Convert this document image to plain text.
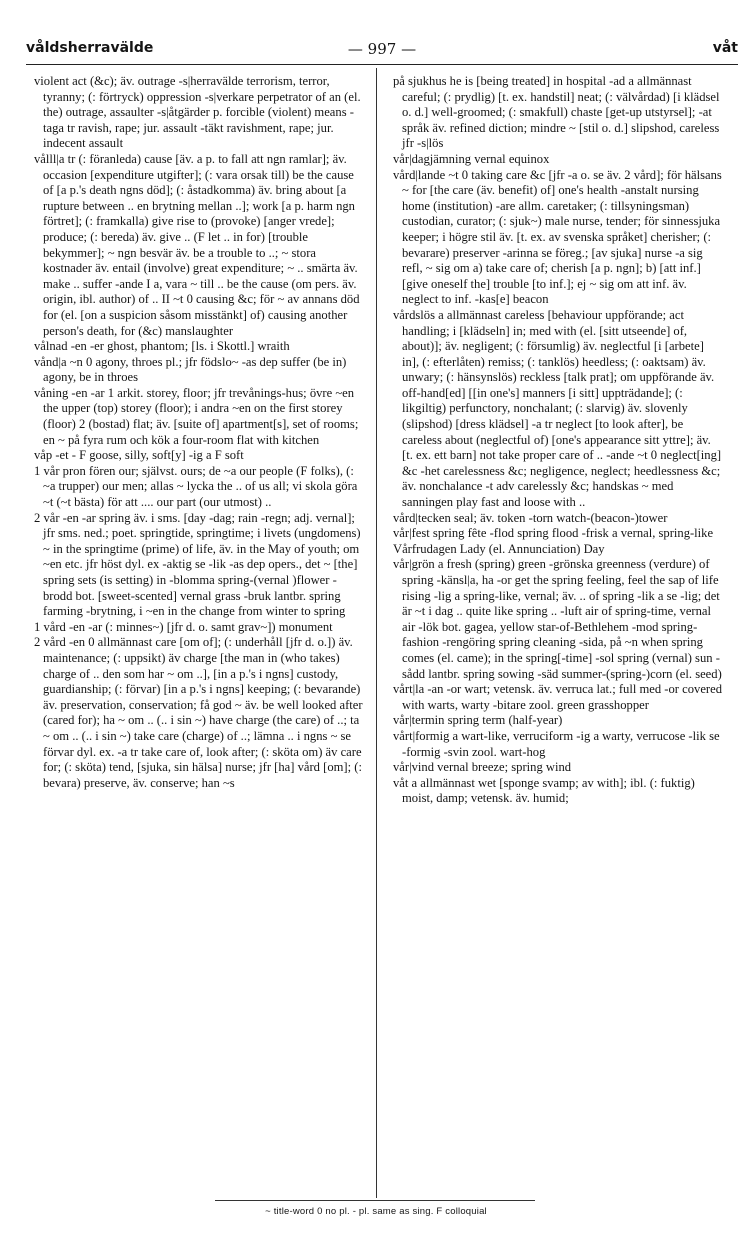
våldsherravälde	— 997 —	våt

violent act (&c); äv. outrage -s|herravälde terrorism, terror, tyranny; (: förtryck) oppression -s|verkare perpetrator of an (el. the) outrage, assaulter -s|åtgärder p. forcible (violent) means -taga tr ravish, rape; jur. assault -täkt ravishment, rape; jur. indecent assault

vålll|a tr (: föranleda) cause [äv. a p. to fall att ngn ramlar]; äv. occasion [expenditure utgifter]; (: vara orsak till) be the cause of [a p.'s death ngns död]; (: åstadkomma) äv. bring about [a rupture between .. en brytning mellan ..]; work [a p. harm ngn förtret]; (: framkalla) give rise to (provoke) [anger vrede]; produce; (: bereda) äv. give .. (F let .. in for) [trouble bekymmer]; ~ ngn besvär äv. be a trouble to ..; ~ stora kostnader äv. entail (involve) great expenditure; ~ .. smärta äv. make .. suffer -ande I a, vara ~ till .. be the cause (om pers. äv. origin, ibl. author) of .. II ~t 0 causing &c; för ~ av annans död for (el. [on a suspicion såsom misstänkt] of) causing another person's death, for (&c) manslaughter

vålnad -en -er ghost, phantom; [ls. i Skottl.] wraith

vånd|a ~n 0 agony, throes pl.; jfr födslo~ -as dep suffer (be in) agony, be in throes

våning -en -ar 1 arkit. storey, floor; jfr trevånings-hus; övre ~en the upper (top) storey (floor); i andra ~en on the first storey (floor) 2 (bostad) flat; äv. [suite of] apartment[s], set of rooms; en ~ på fyra rum och kök a four-room flat with kitchen

våp -et - F goose, silly, soft[y] -ig a F soft

1 vår pron fören our; självst. ours; de ~a our people (F folks), (: ~a trupper) our men; allas ~ lycka the .. of us all; vi skola göra ~t (~t bästa) för att .... our part (our utmost) ..

2 vår -en -ar spring äv. i sms. [day -dag; rain -regn; adj. vernal]; jfr sms. ned.; poet. springtide, springtime; i livets (ungdomens) ~ in the springtime (prime) of life, äv. in the May of youth; om ~en etc. jfr höst dyl. ex -aktig se -lik -as dep opers., det ~ [the] spring sets (is setting) in -blomma spring-(vernal )flower -brodd bot. [sweet-scented] vernal grass -bruk lantbr. spring farming -brytning, i ~en in the change from winter to spring

1 vård -en -ar (: minnes~) [jfr d. o. samt grav~]) monument

2 vård -en 0 allmännast care [om of]; (: underhåll [jfr d. o.]) äv. maintenance; (: uppsikt) äv charge [the man in (who takes) charge of .. den som har ~ om ..], [in a p.'s i ngns] custody, guardianship; (: förvar) [in a p.'s i ngns] keeping; (: bevarande) äv. preservation, conservation; få god ~ äv. be well looked after (cared for); ha ~ om .. (.. i sin ~) have charge (the care) of ..; ta ~ om .. (.. i sin ~) take care (charge) of ..; lämna .. i ngns ~ se förvar dyl. ex. -a tr take care of, look after; (: sköta om) äv care for; (: sköta) tend, [sjuka, sin hälsa] nurse; jfr [ha] vård [om]; (: bevara) preserve, äv. conserve; han ~s

på sjukhus he is [being treated] in hospital -ad a allmännast careful; (: prydlig) [t. ex. handstil] neat; (: välvårdad) [i klädsel o. d.] well-groomed; (: smakfull) chaste [get-up utstyrsel]; -at språk äv. refined diction; mindre ~ [stil o. d.] slipshod, careless jfr -s|lös

vår|dagjämning vernal equinox

vård|lande ~t 0 taking care &c [jfr -a o. se äv. 2 vård]; för hälsans ~ for [the care (äv. benefit) of] one's health -anstalt nursing home (institution) -are allm. caretaker; (: tillsyningsman) custodian, curator; (: sjuk~) male nurse, tender; för sinnessjuka keeper; i högre stil äv. [t. ex. av svenska språket] cherisher; (: bevarare) preserver -arinna se föreg.; [av sjuka] nurse -a sig refl, ~ sig om a) take care of; cherish [a p. ngn]; b) [att inf.] [give oneself the] trouble [to inf.]; ej ~ sig om att inf. äv. neglect to inf. -kas[e] beacon

vårdslös a allmännast careless [behaviour uppförande; act handling; i [klädseln] in; med with (el. [sitt utseende] of, about)]; äv. negligent; (: försumlig) äv. neglectful [i [arbete] in], (: efterlåten) remiss; (: tanklös) heedless; (: oaktsam) äv. unwary; (: hänsynslös) reckless [talk prat]; om uppförande äv. off-hand[ed] [[in one's] manners [i sitt] uppträdande]; (: likgiltig) perfunctory, nonchalant; (: slarvig) äv. slovenly (slipshod) [dress klädsel] -a tr neglect [to look after], be careless about (neglectful of) [one's appearance sitt yttre]; äv. [t. ex. ett barn] not take proper care of .. -ande ~t 0 neglect[ing] &c -het carelessness &c; negligence, neglect; heedlessness &c; äv. nonchalance -t adv carelessly &c; handskas ~ med sanningen play fast and loose with ..

vård|tecken seal; äv. token -torn watch-(beacon-)tower

vår|fest spring fête -flod spring flood -frisk a vernal, spring-like

Vårfrudagen Lady (el. Annunciation) Day

vår|grön a fresh (spring) green -grönska greenness (verdure) of spring -känsl|a, ha -or get the spring feeling, feel the sap of life rising -lig a spring-like, vernal; äv. .. of spring -lik a se -lig; det är ~t i dag .. quite like spring .. -luft air of spring-time, vernal air -lök bot. gagea, yellow star-of-Bethlehem -mod spring-fashion -rengöring spring cleaning -sida, på ~n when spring comes (el. came); in the spring[-time] -sol spring (vernal) sun -sådd lantbr. spring sowing -säd summer-(spring-)corn (el. seed)

vårt|la -an -or wart; vetensk. äv. verruca lat.; full med -or covered with warts, warty -bitare zool. green grasshopper

vår|termin spring term (half-year)

vårt|formig a wart-like, verruciform -ig a warty, verrucose -lik se -formig -svin zool. wart-hog

vår|vind vernal breeze; spring wind

våt a allmännast wet [sponge svamp; av with]; ibl. (: fuktig) moist, damp; vetensk. äv. humid;

~ title-word 0 no pl. - pl. same as sing. F colloquial
